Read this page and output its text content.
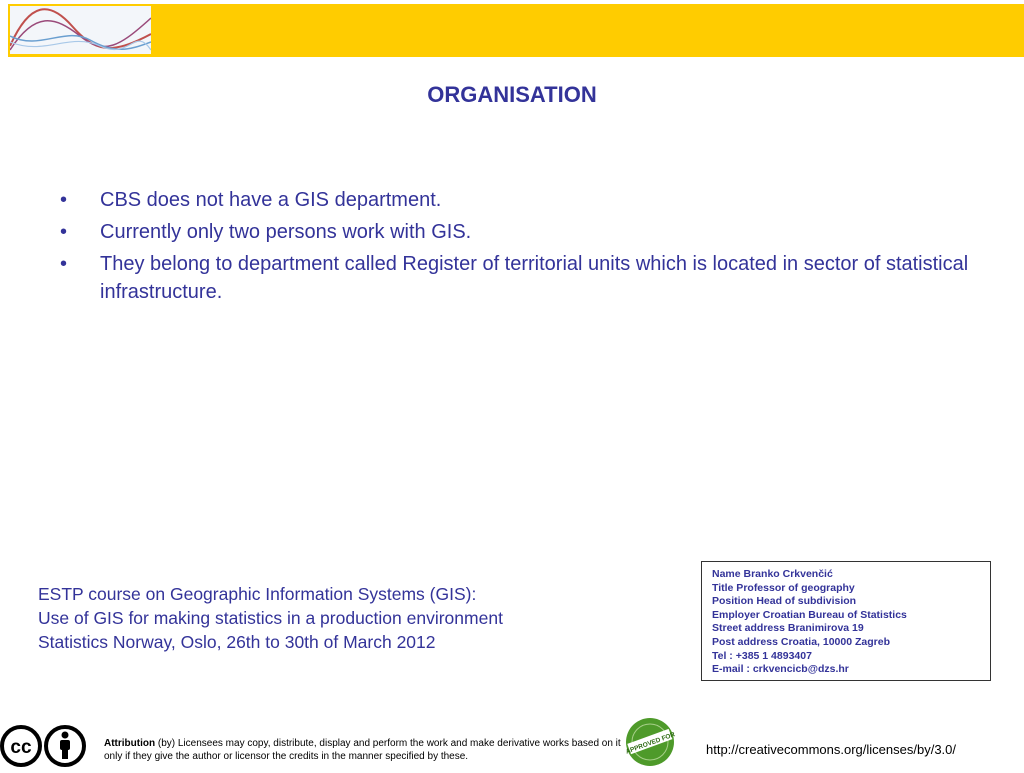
ORGANISATION
• CBS does not have a GIS department.
• Currently only two persons work with GIS.
• They belong to department called Register of territorial units which is located in sector of statistical infrastructure.
ESTP course on Geographic Information Systems (GIS):
Use of GIS for making statistics in a production environment
Statistics Norway, Oslo, 26th to 30th of March 2012
Name Branko Crkvenčić
Title Professor of geography
Position Head of subdivision
Employer Croatian Bureau of Statistics
Street address Branimirova 19
Post address Croatia, 10000 Zagreb
Tel : +385 1 4893407
E-mail : crkvencicb@dzs.hr
cc	Attribution (by) Licensees may copy, distribute, display and perform the work and make derivative works based on it only if they give the author or licensor the credits in the manner specified by these.
APPROVED FOR http://creativecommons.org/licenses/by/3.0/
